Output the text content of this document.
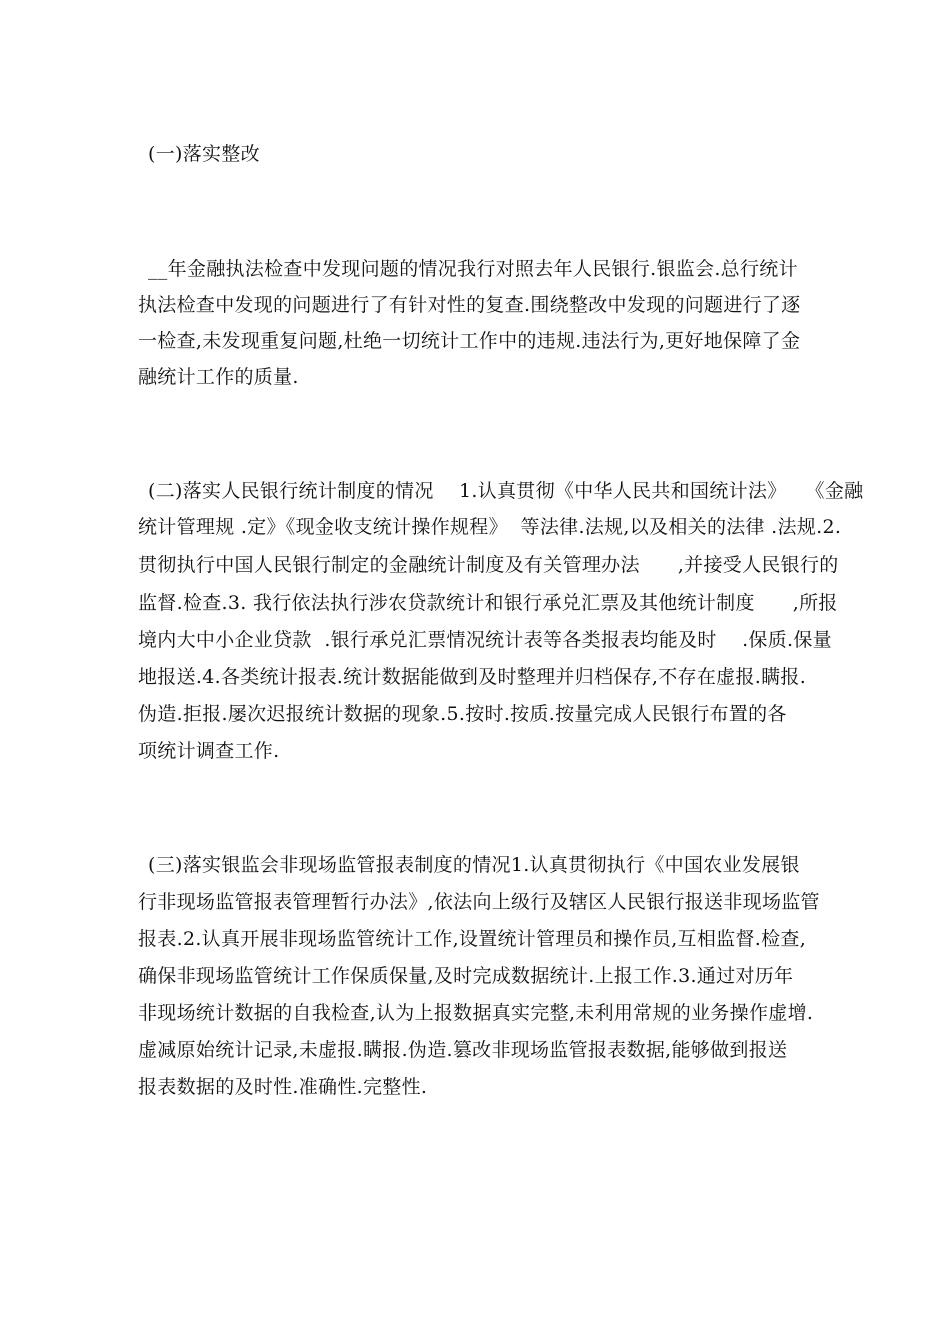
(一)落实整改
__年金融执法检查中发现问题的情况我行对照去年人民银行.银监会.总行统计
执法检查中发现的问题进行了有针对性的复查.围绕整改中发现的问题进行了逐
一检查,未发现重复问题,杜绝一切统计工作中的违规.违法行为,更好地保障了金
融统计工作的质量.
(二)落实人民银行统计制度的情况    1.认真贯彻《中华人民共和国统计法》   《金融
统计管理规 .定》《现金收支统计操作规程》  等法律.法规,以及相关的法律 .法规.2.
贯彻执行中国人民银行制定的金融统计制度及有关管理办法      ,并接受人民银行的
监督.检查.3. 我行依法执行涉农贷款统计和银行承兑汇票及其他统计制度      ,所报
境内大中小企业贷款  .银行承兑汇票情况统计表等各类报表均能及时    .保质.保量
地报送.4.各类统计报表.统计数据能做到及时整理并归档保存,不存在虚报.瞒报.
伪造.拒报.屡次迟报统计数据的现象.5.按时.按质.按量完成人民银行布置的各
项统计调查工作.
(三)落实银监会非现场监管报表制度的情况1.认真贯彻执行《中国农业发展银
行非现场监管报表管理暂行办法》,依法向上级行及辖区人民银行报送非现场监管
报表.2.认真开展非现场监管统计工作,设置统计管理员和操作员,互相监督.检查,
确保非现场监管统计工作保质保量,及时完成数据统计.上报工作.3.通过对历年
非现场统计数据的自我检查,认为上报数据真实完整,未利用常规的业务操作虚增.
虚减原始统计记录,未虚报.瞒报.伪造.篡改非现场监管报表数据,能够做到报送
报表数据的及时性.准确性.完整性.
